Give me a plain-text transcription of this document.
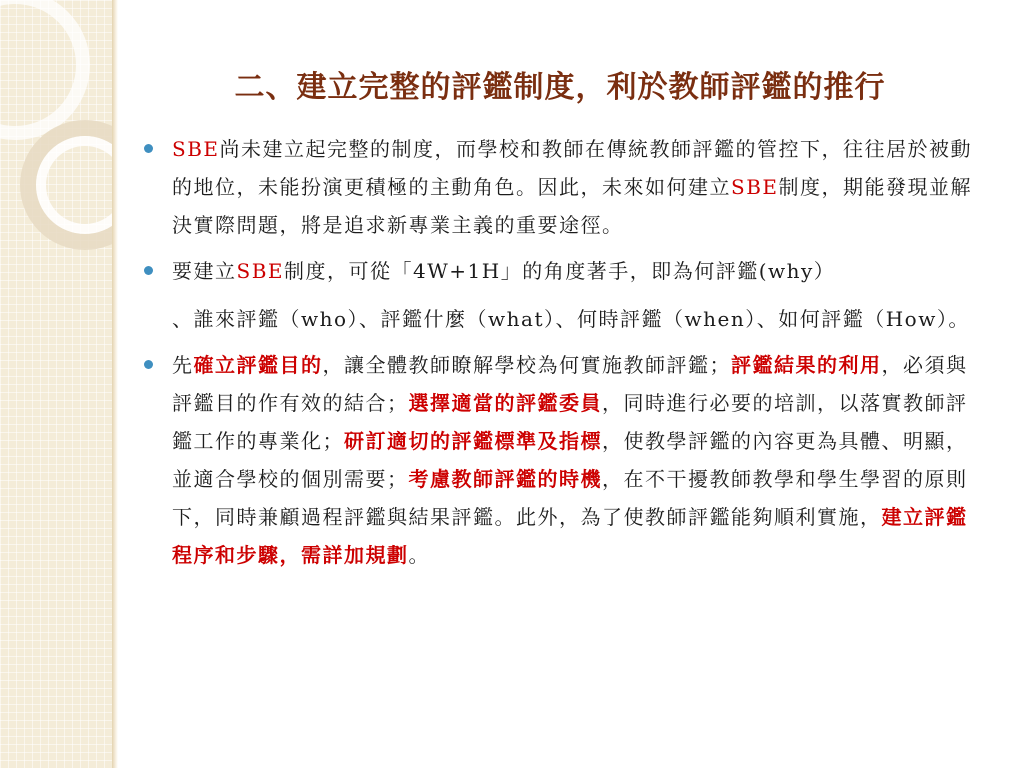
二、建立完整的評鑑制度，利於教師評鑑的推行
SBE尚未建立起完整的制度，而學校和教師在傳統教師評鑑的管控下，往往居於被動的地位，未能扮演更積極的主動角色。因此，未來如何建立SBE制度，期能發現並解決實際問題，將是追求新專業主義的重要途徑。
要建立SBE制度，可從「4W+1H」的角度著手，即為何評鑑(why）
、誰來評鑑（who）、評鑑什麼（what）、何時評鑑（when）、如何評鑑（How）。
先確立評鑑目的，讓全體教師瞭解學校為何實施教師評鑑；評鑑結果的利用，必須與評鑑目的作有效的結合；選擇適當的評鑑委員，同時進行必要的培訓，以落實教師評鑑工作的專業化；研訂適切的評鑑標準及指標，使教學評鑑的內容更為具體、明顯，並適合學校的個別需要；考慮教師評鑑的時機，在不干擾教師教學和學生學習的原則下，同時兼顧過程評鑑與結果評鑑。此外，為了使教師評鑑能夠順利實施，建立評鑑程序和步驟，需詳加規劃。
